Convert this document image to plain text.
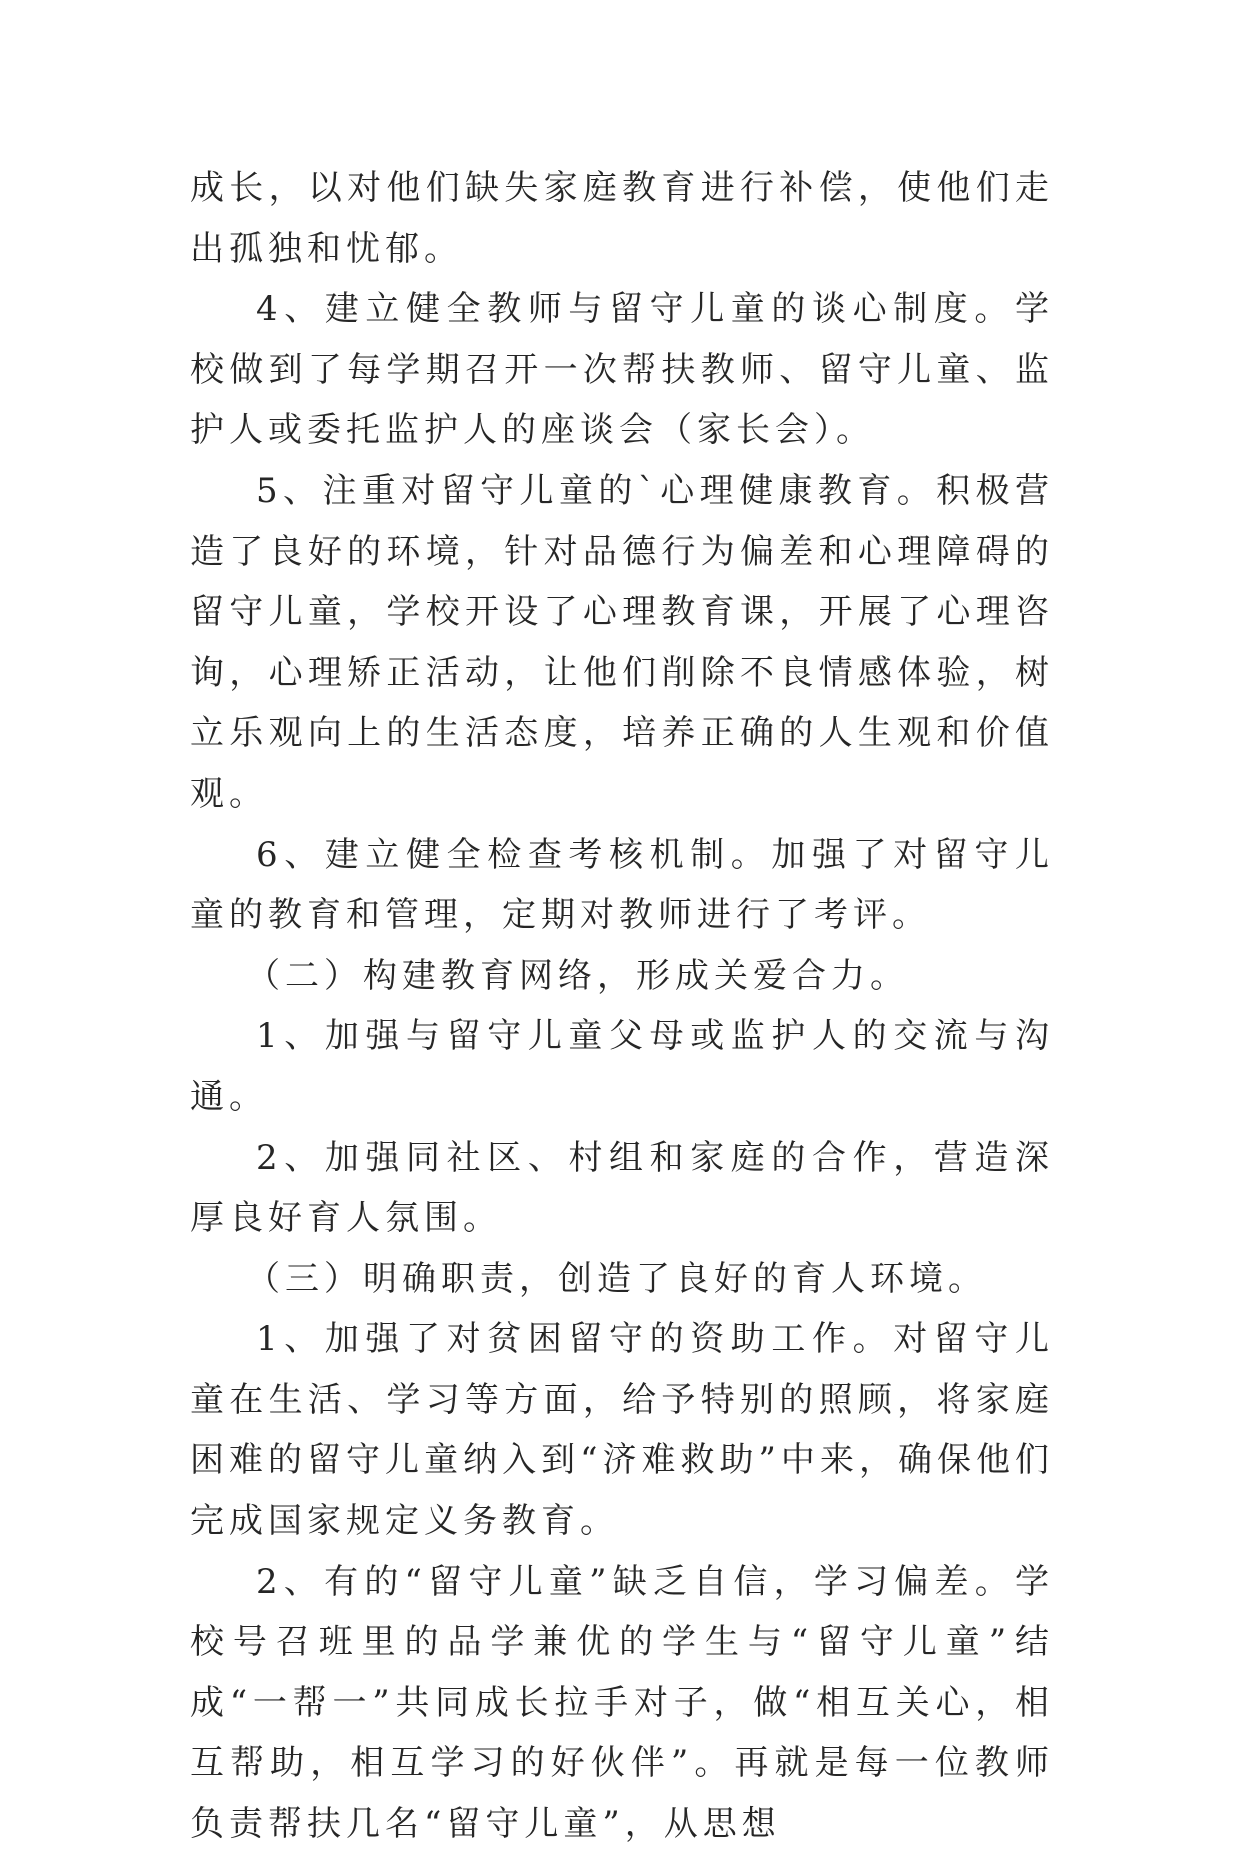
成长，以对他们缺失家庭教育进行补偿，使他们走出孤独和忧郁。

4、建立健全教师与留守儿童的谈心制度。学校做到了每学期召开一次帮扶教师、留守儿童、监护人或委托监护人的座谈会（家长会）。

5、注重对留守儿童的`心理健康教育。积极营造了良好的环境，针对品德行为偏差和心理障碍的留守儿童，学校开设了心理教育课，开展了心理咨询，心理矫正活动，让他们削除不良情感体验，树立乐观向上的生活态度，培养正确的人生观和价值观。

6、建立健全检查考核机制。加强了对留守儿童的教育和管理，定期对教师进行了考评。

（二）构建教育网络，形成关爱合力。

1、加强与留守儿童父母或监护人的交流与沟通。

2、加强同社区、村组和家庭的合作，营造深厚良好育人氛围。

（三）明确职责，创造了良好的育人环境。

1、加强了对贫困留守的资助工作。对留守儿童在生活、学习等方面，给予特别的照顾，将家庭困难的留守儿童纳入到“济难救助”中来，确保他们完成国家规定义务教育。

2、有的“留守儿童”缺乏自信，学习偏差。学校号召班里的品学兼优的学生与“留守儿童”结成“一帮一”共同成长拉手对子，做“相互关心，相互帮助，相互学习的好伙伴”。再就是每一位教师负责帮扶几名“留守儿童”，从思想
